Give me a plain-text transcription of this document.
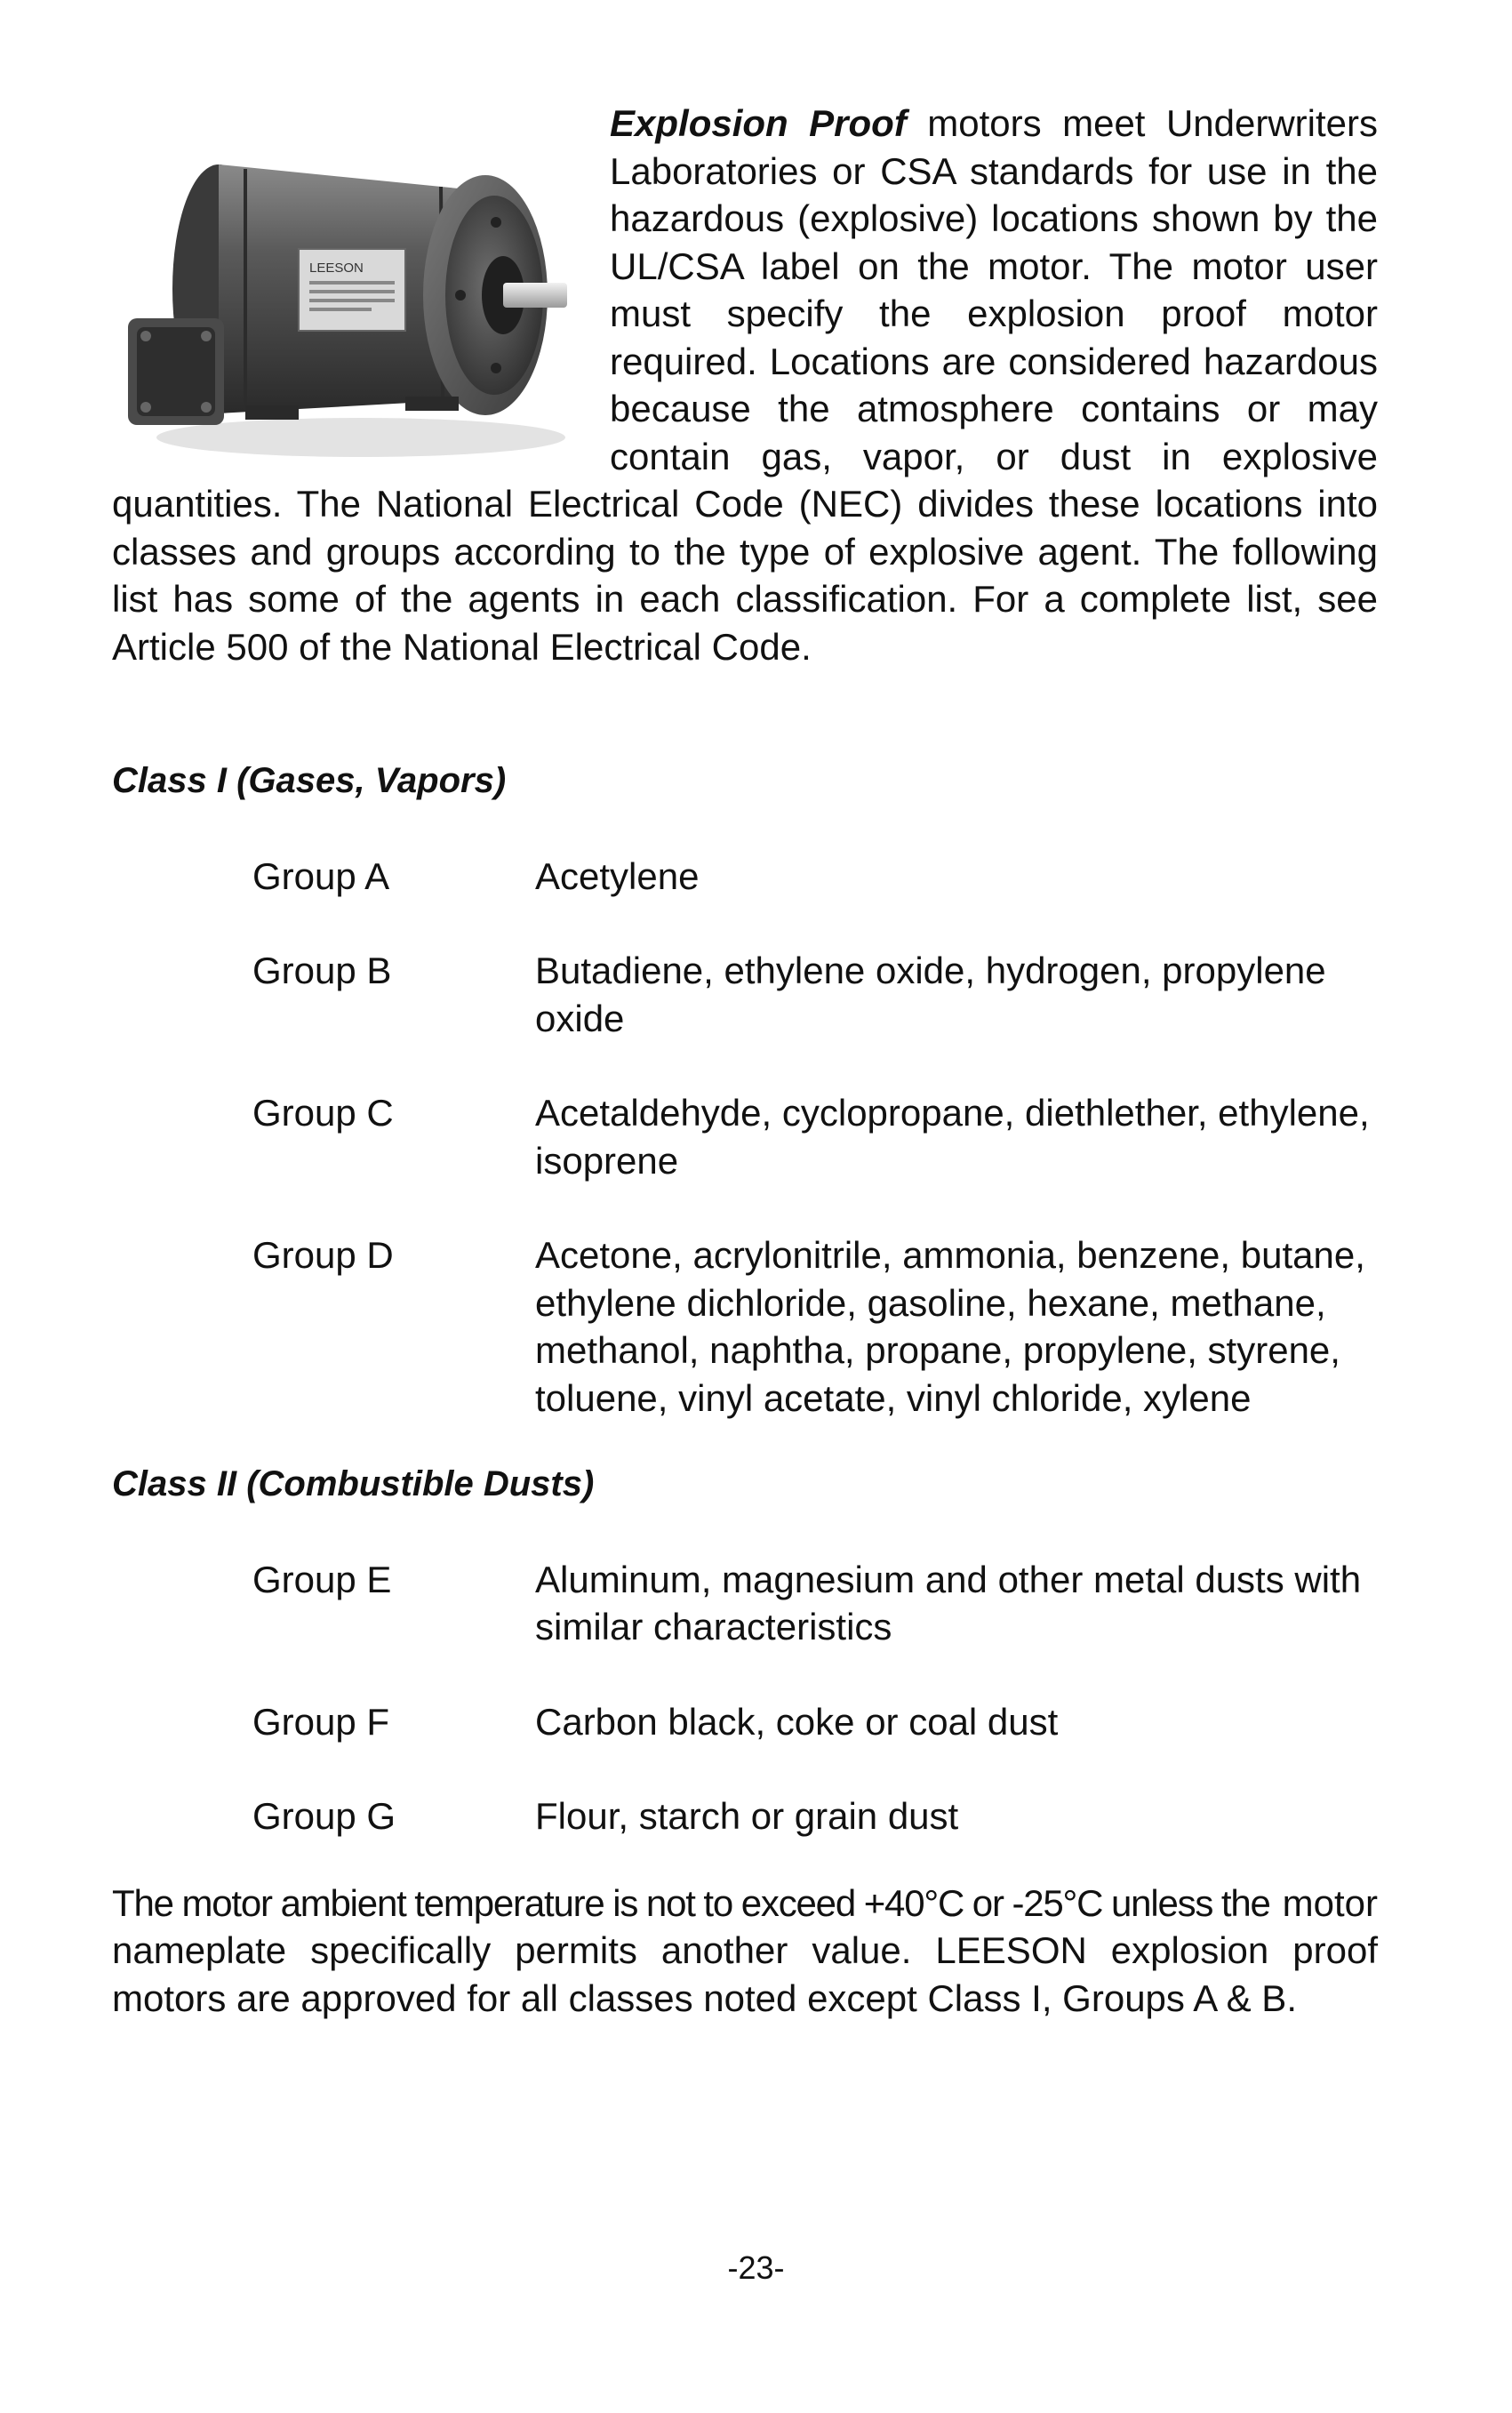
LEESON
Explosion Proof motors meet Underwriters Laboratories or CSA standards for use in the hazardous (explosive) locations shown by the UL/CSA label on the motor. The motor user must specify the explosion proof motor required. Locations are considered hazardous because the atmosphere contains or may contain gas, vapor, or dust in explosive quantities. The National Electrical Code (NEC) divides these locations into classes and groups according to the type of explosive agent. The following list has some of the agents in each classification. For a complete list, see Article 500 of the National Electrical Code.

Class I (Gases, Vapors)
Group A	Acetylene
Group B	Butadiene, ethylene oxide, hydrogen, propylene oxide
Group C	Acetaldehyde, cyclopropane, diethlether, ethylene, isoprene
Group D	Acetone, acrylonitrile, ammonia, benzene, butane, ethylene dichloride, gasoline, hexane, methane, methanol, naphtha, propane, propylene, styrene, toluene, vinyl acetate, vinyl chloride, xylene
Class II (Combustible Dusts)
Group E	Aluminum, magnesium and other metal dusts with similar characteristics
Group F	Carbon black, coke or coal dust
Group G	Flour, starch or grain dust

The motor ambient temperature is not to exceed +40°C or -25°C unless the motor nameplate specifically permits another value. LEESON explosion proof motors are approved for all classes noted except Class I, Groups A & B.

-23-
